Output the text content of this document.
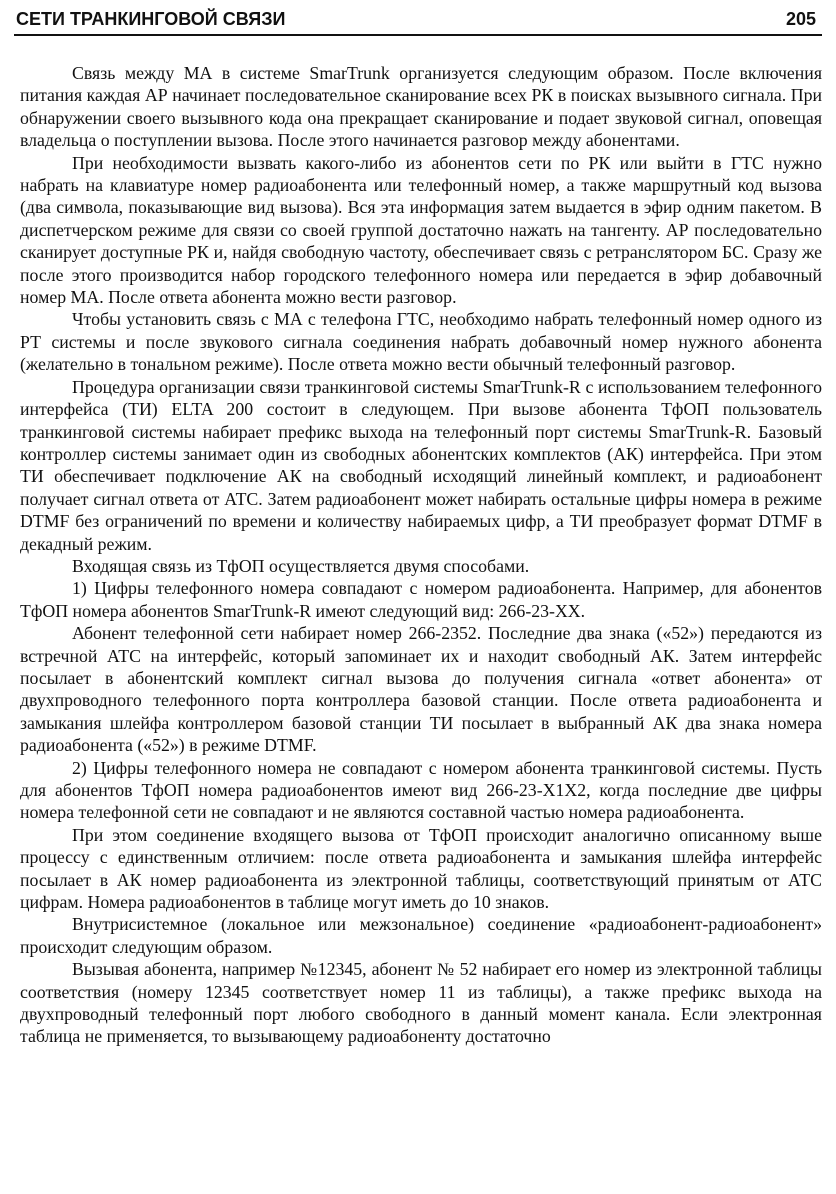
СЕТИ ТРАНКИНГОВОЙ СВЯЗИ	205

Связь между МА в системе SmarTrunk организуется следующим образом. После включения питания каждая АР начинает последовательное сканирование всех РК в поисках вызывного сигнала. При обнаружении своего вызывного кода она прекращает сканирование и подает звуковой сигнал, оповещая владельца о поступлении вызова. После этого начинается разговор между абонентами.

При необходимости вызвать какого-либо из абонентов сети по РК или выйти в ГТС нужно набрать на клавиатуре номер радиоабонента или телефонный номер, а также маршрутный код вызова (два символа, показывающие вид вызова). Вся эта информация затем выдается в эфир одним пакетом. В диспетчерском режиме для связи со своей группой достаточно нажать на тангенту. АР последовательно сканирует доступные РК и, найдя свободную частоту, обеспечивает связь с ретранслятором БС. Сразу же после этого производится набор городского телефонного номера или передается в эфир добавочный номер МА. После ответа абонента можно вести разговор.

Чтобы установить связь с МА с телефона ГТС, необходимо набрать телефонный номер одного из РТ системы и после звукового сигнала соединения набрать добавочный номер нужного абонента (желательно в тональном режиме). После ответа можно вести обычный телефонный разговор.

Процедура организации связи транкинговой системы SmarTrunk-R с использованием телефонного интерфейса (ТИ) ELTA 200 состоит в следующем. При вызове абонента ТфОП пользователь транкинговой системы набирает префикс выхода на телефонный порт системы SmarTrunk-R. Базовый контроллер системы занимает один из свободных абонентских комплектов (АК) интерфейса. При этом ТИ обеспечивает подключение АК на свободный исходящий линейный комплект, и радиоабонент получает сигнал ответа от АТС. Затем радиоабонент может набирать остальные цифры номера в режиме DTMF без ограничений по времени и количеству набираемых цифр, а ТИ преобразует формат DTMF в декадный режим.

Входящая связь из ТфОП осуществляется двумя способами.

1) Цифры телефонного номера совпадают с номером радиоабонента. Например, для абонентов ТфОП номера абонентов SmarTrunk-R имеют следующий вид: 266-23-XX.

Абонент телефонной сети набирает номер 266-2352. Последние два знака («52») передаются из встречной АТС на интерфейс, который запоминает их и находит свободный АК. Затем интерфейс посылает в абонентский комплект сигнал вызова до получения сигнала «ответ абонента» от двухпроводного телефонного порта контроллера базовой станции. После ответа радиоабонента и замыкания шлейфа контроллером базовой станции ТИ посылает в выбранный АК два знака номера радиоабонента («52») в режиме DTMF.

2) Цифры телефонного номера не совпадают с номером абонента транкинговой системы. Пусть для абонентов ТфОП номера радиоабонентов имеют вид 266-23-X1X2, когда последние две цифры номера телефонной сети не совпадают и не являются составной частью номера радиоабонента.

При этом соединение входящего вызова от ТфОП происходит аналогично описанному выше процессу с единственным отличием: после ответа радиоабонента и замыкания шлейфа интерфейс посылает в АК номер радиоабонента из электронной таблицы, соответствующий принятым от АТС цифрам. Номера радиоабонентов в таблице могут иметь до 10 знаков.

Внутрисистемное (локальное или межзональное) соединение «радиоабонент-радиоабонент» происходит следующим образом.

Вызывая абонента, например №12345, абонент № 52 набирает его номер из электронной таблицы соответствия (номеру 12345 соответствует номер 11 из таблицы), а также префикс выхода на двухпроводный телефонный порт любого свободного в данный момент канала. Если электронная таблица не применяется, то вызывающему радиоабоненту достаточно
